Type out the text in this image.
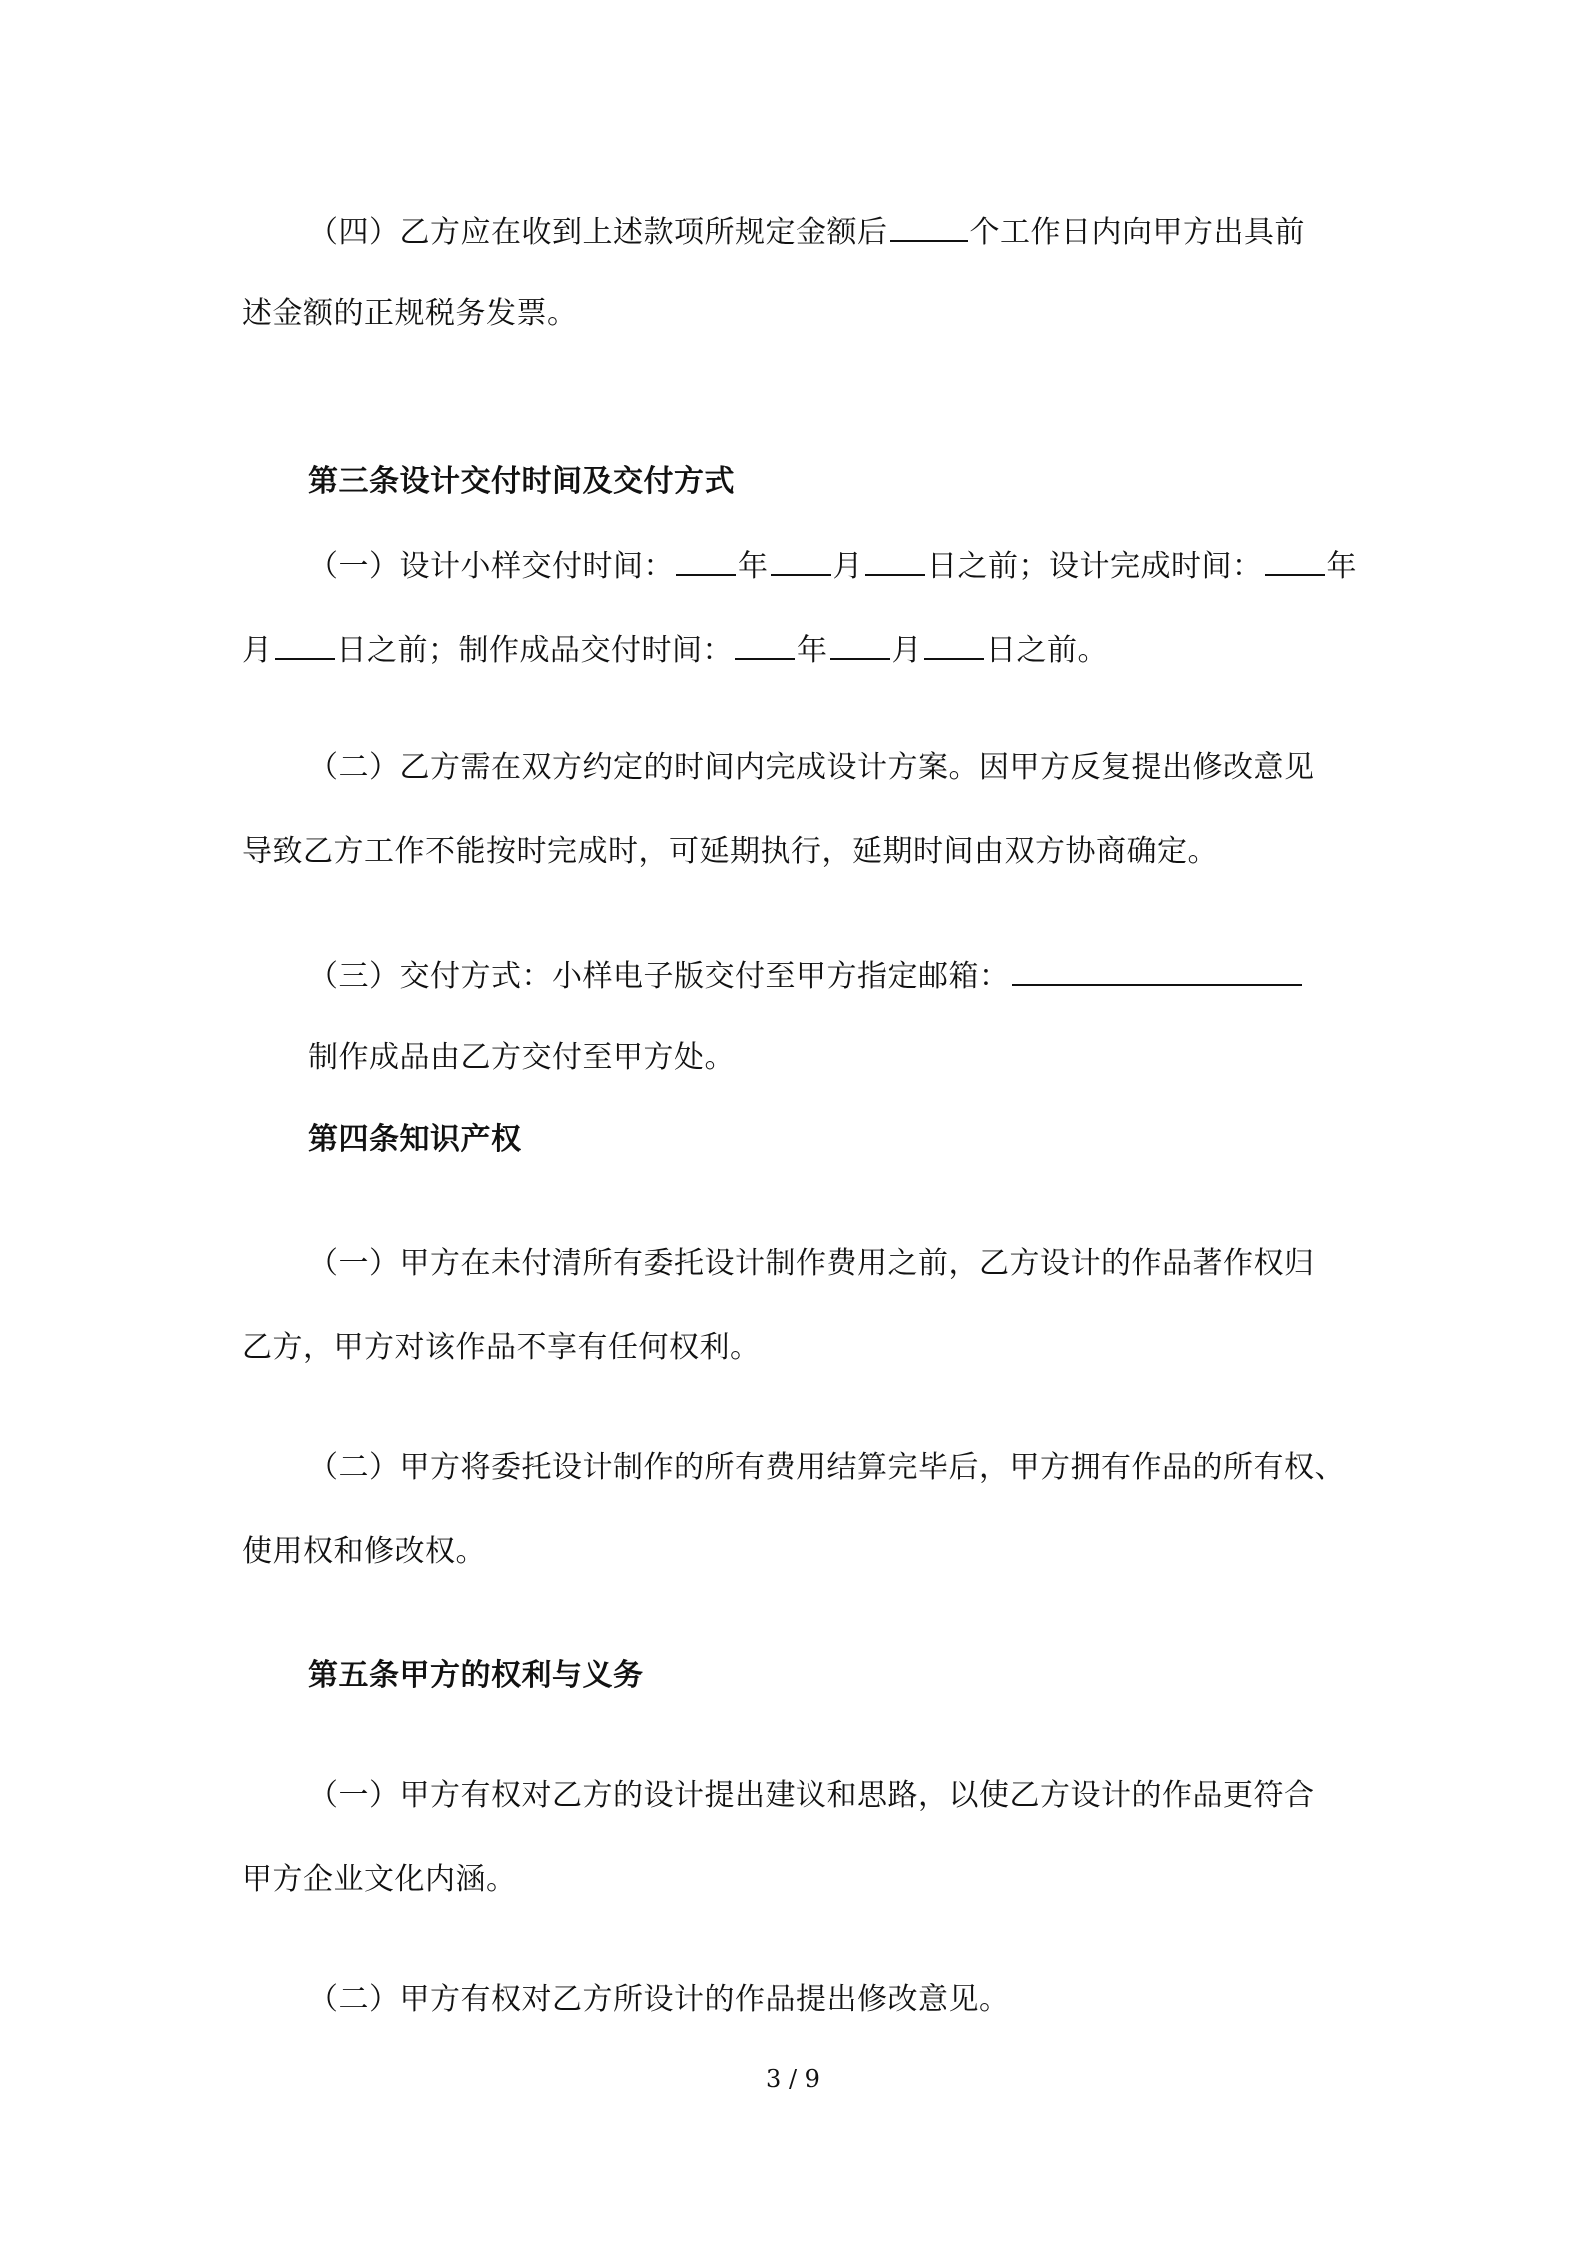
（四）乙方应在收到上述款项所规定金额后	个工作日内向甲方出具前
述金额的正规税务发票。
第三条设计交付时间及交付方式
（一）设计小样交付时间： 年 月 日之前；设计完成时间： 年
月 日之前；制作成品交付时间： 年 月 日之前。
（二）乙方需在双方约定的时间内完成设计方案。因甲方反复提出修改意见
导致乙方工作不能按时完成时，可延期执行，延期时间由双方协商确定。
（三）交付方式：小样电子版交付至甲方指定邮箱：
制作成品由乙方交付至甲方处。
第四条知识产权
（一）甲方在未付清所有委托设计制作费用之前，乙方设计的作品著作权归
乙方，甲方对该作品不享有任何权利。
（二）甲方将委托设计制作的所有费用结算完毕后，甲方拥有作品的所有权、
使用权和修改权。
第五条甲方的权利与义务
（一）甲方有权对乙方的设计提出建议和思路，以使乙方设计的作品更符合
甲方企业文化内涵。
（二）甲方有权对乙方所设计的作品提出修改意见。
3 / 9
